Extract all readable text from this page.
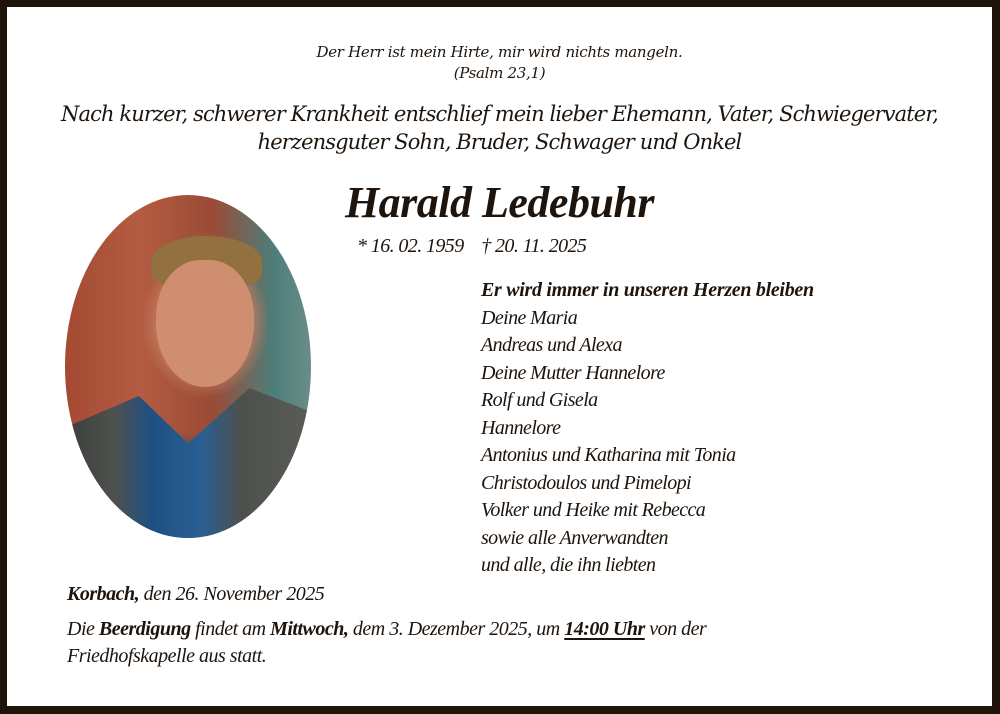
Der Herr ist mein Hirte, mir wird nichts mangeln.
(Psalm 23,1)
Nach kurzer, schwerer Krankheit entschlief mein lieber Ehemann, Vater, Schwiegervater,
herzensguter Sohn, Bruder, Schwager und Onkel
Harald Ledebuhr
* 16. 02. 1959 † 20. 11. 2025
Er wird immer in unseren Herzen bleiben
Deine Maria
Andreas und Alexa
Deine Mutter Hannelore
Rolf und Gisela
Hannelore
Antonius und Katharina mit Tonia
Christodoulos und Pimelopi
Volker und Heike mit Rebecca
sowie alle Anverwandten
und alle, die ihn liebten
Korbach, den 26. November 2025
Die Beerdigung findet am Mittwoch, dem 3. Dezember 2025, um 14:00 Uhr von der
Friedhofskapelle aus statt.
